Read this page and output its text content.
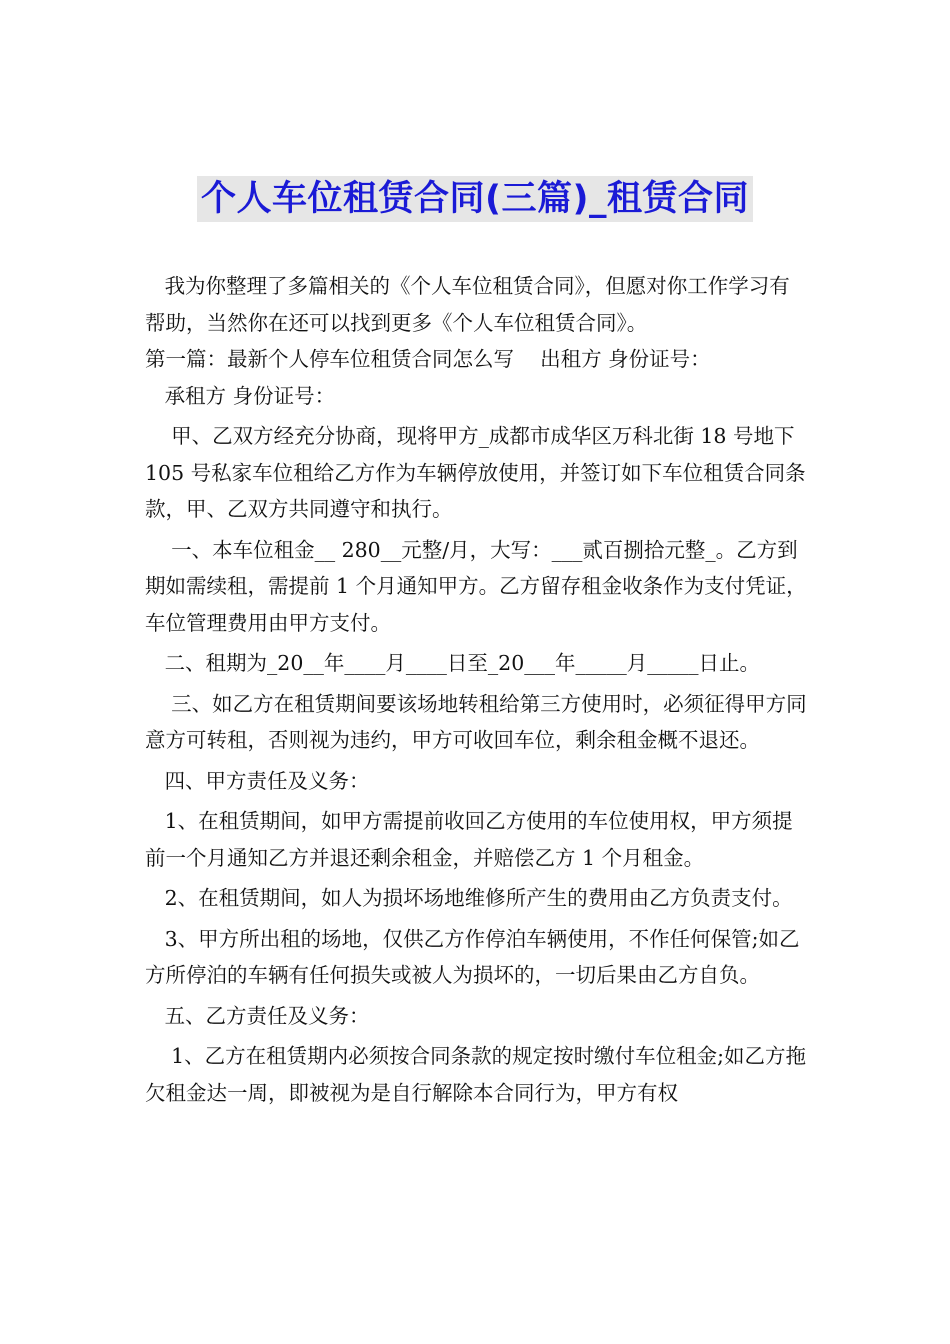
个人车位租赁合同(三篇)_租赁合同

我为你整理了多篇相关的《个人车位租赁合同》，但愿对你工作学习有帮助，当然你在还可以找到更多《个人车位租赁合同》。

第一篇：最新个人停车位租赁合同怎么写    出租方 身份证号：

承租方 身份证号：

甲、乙双方经充分协商，现将甲方_成都市成华区万科北街 18 号地下 105 号私家车位租给乙方作为车辆停放使用，并签订如下车位租赁合同条款，甲、乙双方共同遵守和执行。

一、本车位租金__ 280__元整/月，大写：___贰百捌拾元整_。乙方到期如需续租，需提前 1 个月通知甲方。乙方留存租金收条作为支付凭证，车位管理费用由甲方支付。

二、租期为_20__年____月____日至_20___年_____月_____日止。

三、如乙方在租赁期间要该场地转租给第三方使用时，必须征得甲方同意方可转租，否则视为违约，甲方可收回车位，剩余租金概不退还。

四、甲方责任及义务：

1、在租赁期间，如甲方需提前收回乙方使用的车位使用权，甲方须提前一个月通知乙方并退还剩余租金，并赔偿乙方 1 个月租金。

2、在租赁期间，如人为损坏场地维修所产生的费用由乙方负责支付。

3、甲方所出租的场地，仅供乙方作停泊车辆使用，不作任何保管;如乙方所停泊的车辆有任何损失或被人为损坏的，一切后果由乙方自负。

五、乙方责任及义务：

1、乙方在租赁期内必须按合同条款的规定按时缴付车位租金;如乙方拖欠租金达一周，即被视为是自行解除本合同行为，甲方有权
